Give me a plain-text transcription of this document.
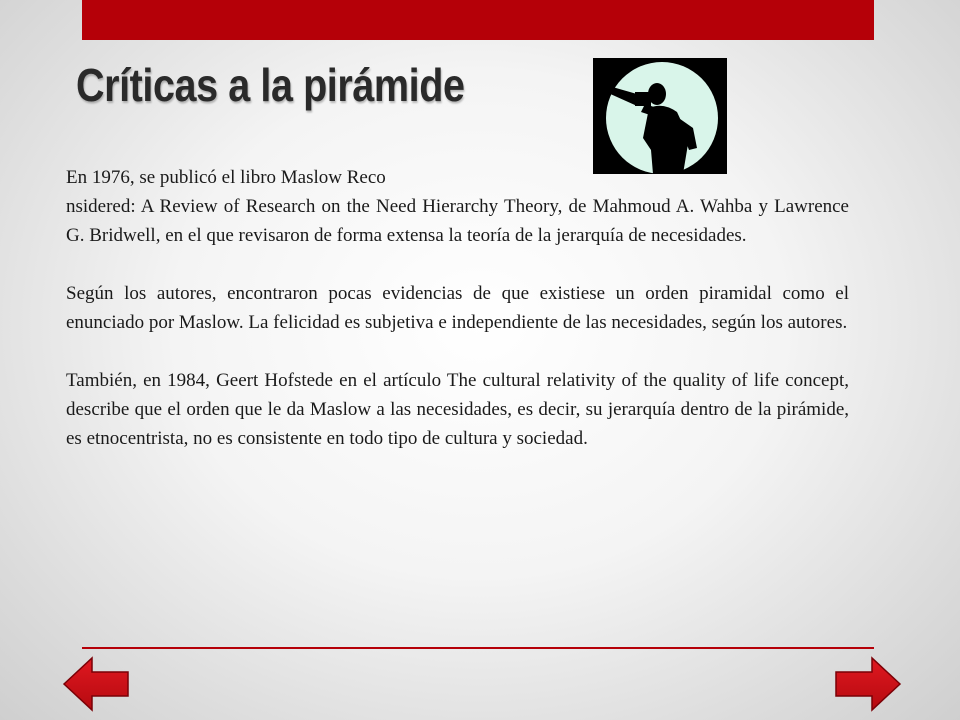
Críticas a la pirámide

En 1976, se publicó el libro Maslow Reco
nsidered: A Review of Research on the Need Hierarchy Theory, de Mahmoud A. Wahba y Lawrence G. Bridwell, en el que revisaron de forma extensa la teoría de la jerarquía de necesidades.

Según los autores, encontraron pocas evidencias de que existiese un orden piramidal como el enunciado por Maslow. La felicidad es subjetiva e independiente de las necesidades, según los autores.

También, en 1984, Geert Hofstede en el artículo The cultural relativity of the quality of life concept, describe que el orden que le da Maslow a las necesidades, es decir, su jerarquía dentro de la pirámide, es etnocentrista, no es consistente en todo tipo de cultura y sociedad.
